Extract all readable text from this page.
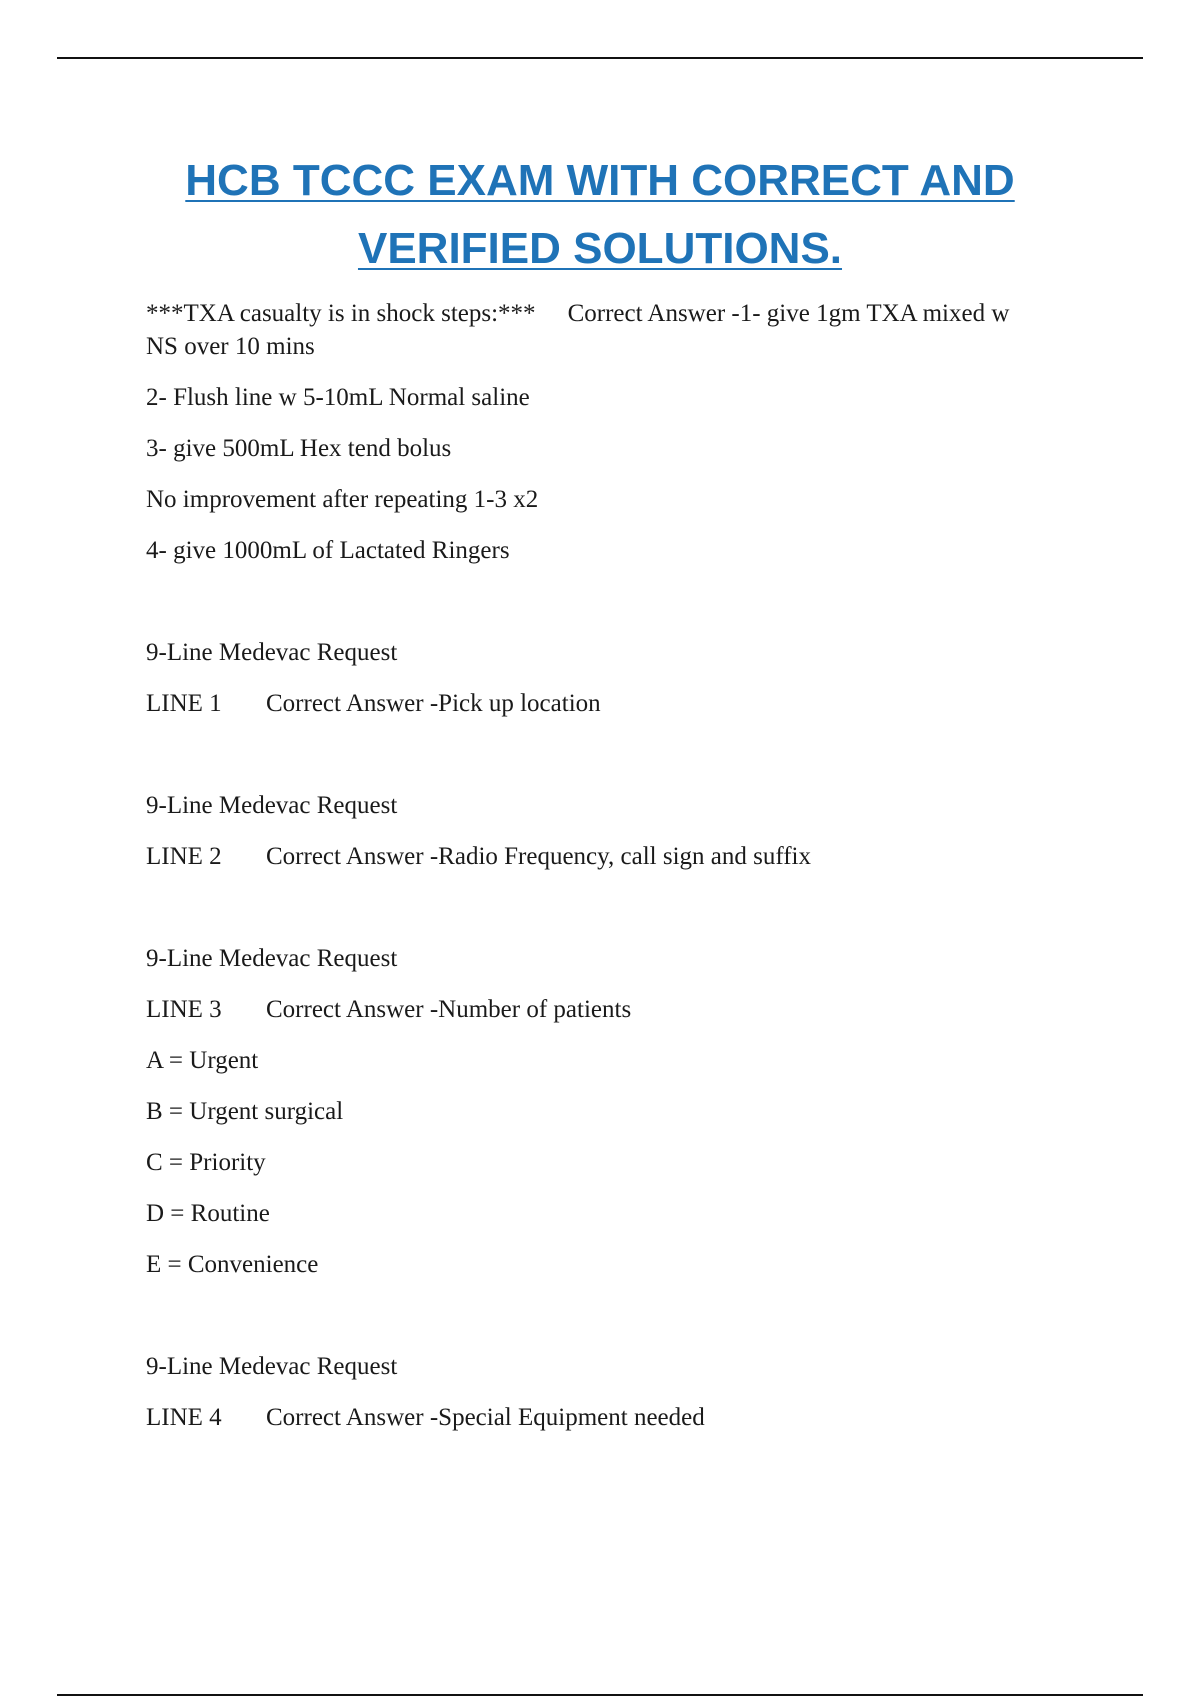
HCB TCCC EXAM WITH CORRECT AND
VERIFIED SOLUTIONS.
***TXA casualty is in shock steps:*** Correct Answer -1- give 1gm TXA mixed w NS over 10 mins
2- Flush line w 5-10mL Normal saline
3- give 500mL Hex tend bolus
No improvement after repeating 1-3 x2
4- give 1000mL of Lactated Ringers
9-Line Medevac Request
LINE 1 Correct Answer -Pick up location
9-Line Medevac Request
LINE 2 Correct Answer -Radio Frequency, call sign and suffix
9-Line Medevac Request
LINE 3 Correct Answer -Number of patients
A = Urgent
B = Urgent surgical
C = Priority
D = Routine
E = Convenience
9-Line Medevac Request
LINE 4 Correct Answer -Special Equipment needed
